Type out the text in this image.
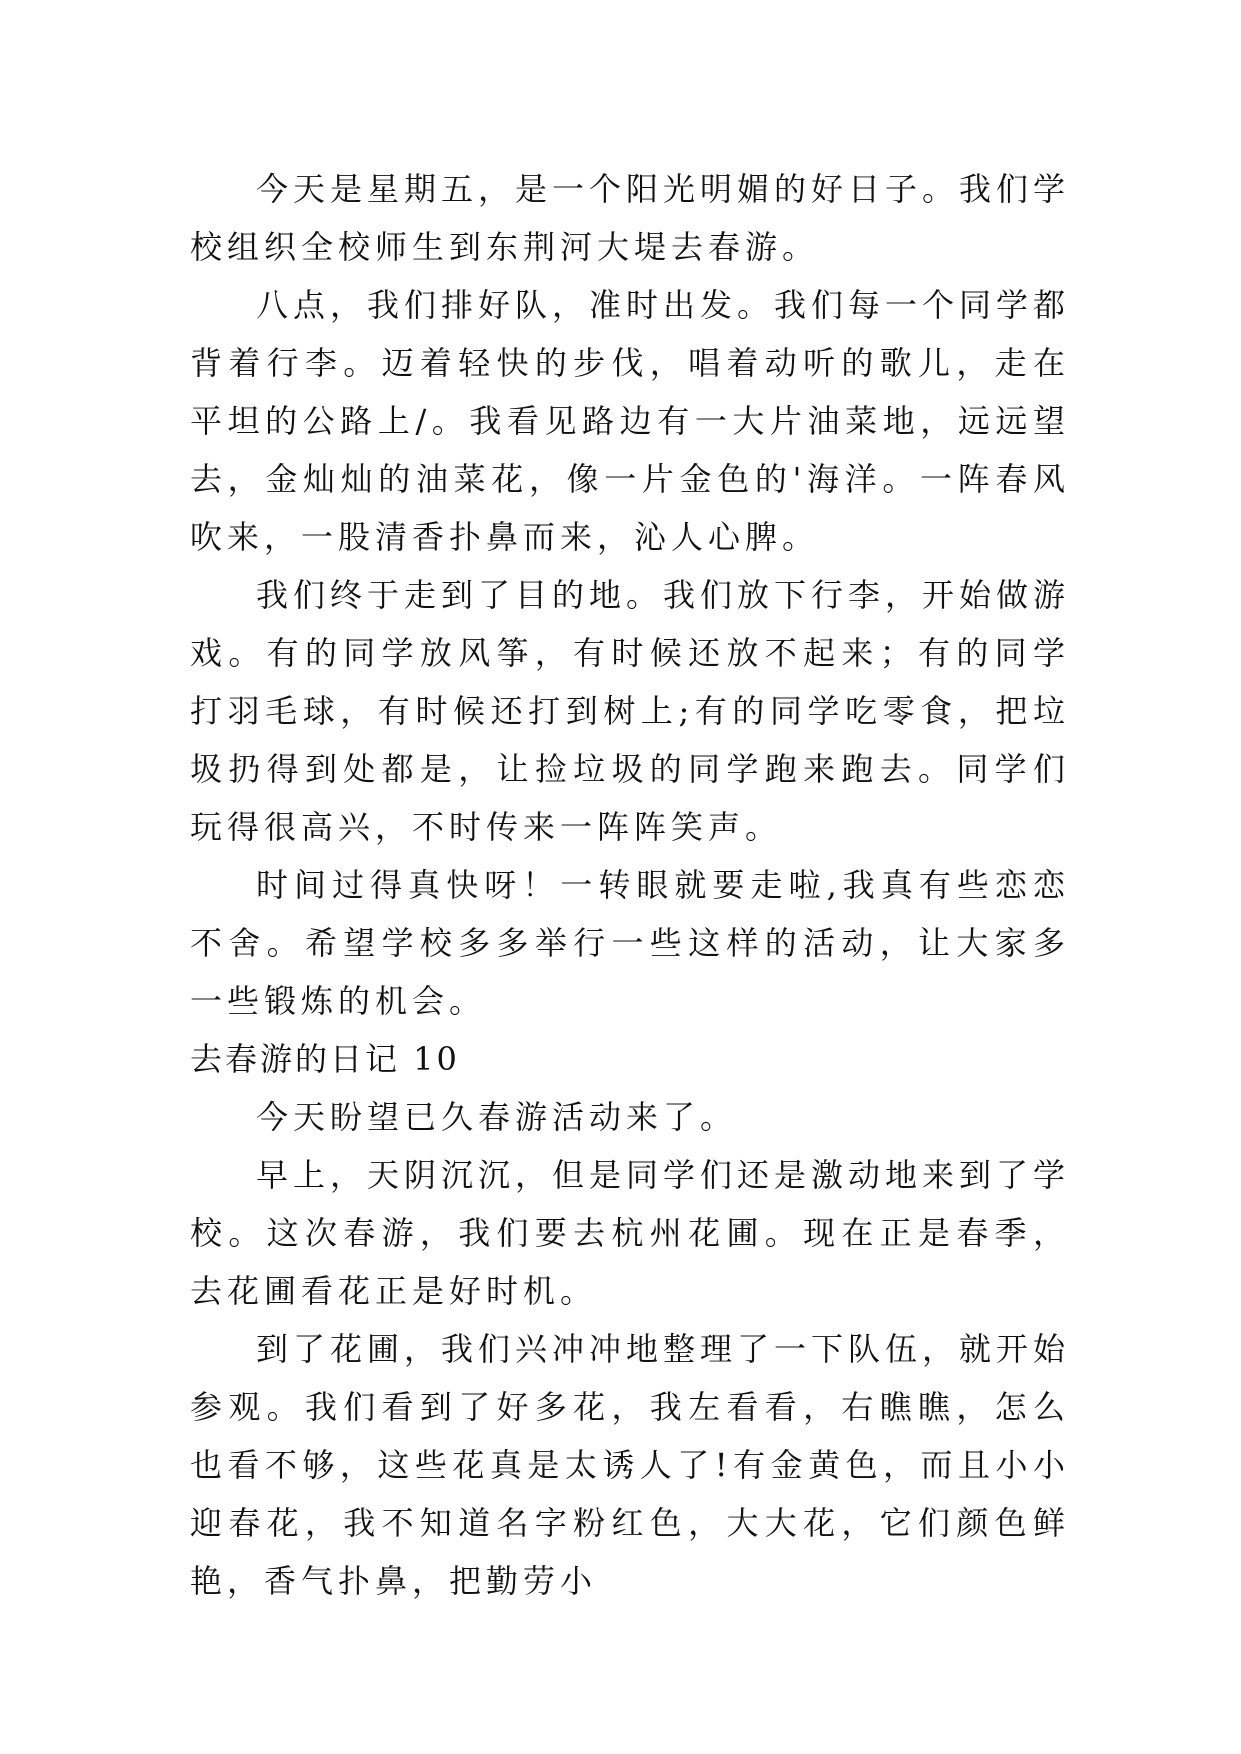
今天是星期五，是一个阳光明媚的好日子。我们学校组织全校师生到东荆河大堤去春游。

八点，我们排好队，准时出发。我们每一个同学都背着行李。迈着轻快的步伐，唱着动听的歌儿，走在平坦的公路上/。我看见路边有一大片油菜地，远远望去，金灿灿的油菜花，像一片金色的'海洋。一阵春风吹来，一股清香扑鼻而来，沁人心脾。

我们终于走到了目的地。我们放下行李，开始做游戏。有的同学放风筝，有时候还放不起来；有的同学打羽毛球，有时候还打到树上;有的同学吃零食，把垃圾扔得到处都是，让捡垃圾的同学跑来跑去。同学们玩得很高兴，不时传来一阵阵笑声。

时间过得真快呀！一转眼就要走啦,我真有些恋恋不舍。希望学校多多举行一些这样的活动，让大家多一些锻炼的机会。

去春游的日记 10

今天盼望已久春游活动来了。

早上，天阴沉沉，但是同学们还是激动地来到了学校。这次春游，我们要去杭州花圃。现在正是春季，去花圃看花正是好时机。

到了花圃，我们兴冲冲地整理了一下队伍，就开始参观。我们看到了好多花，我左看看，右瞧瞧，怎么也看不够，这些花真是太诱人了!有金黄色，而且小小迎春花，我不知道名字粉红色，大大花，它们颜色鲜艳，香气扑鼻，把勤劳小
